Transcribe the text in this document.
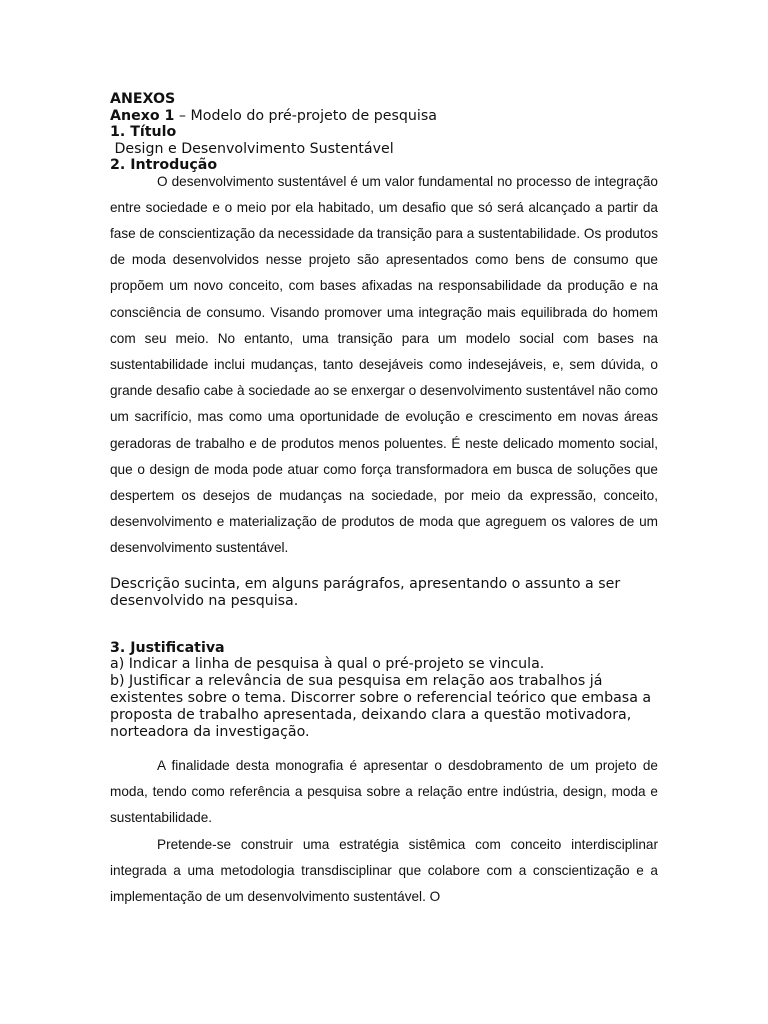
ANEXOS

Anexo 1 – Modelo do pré-projeto de pesquisa

1. Título

Design e Desenvolvimento Sustentável

2. Introdução

O desenvolvimento sustentável é um valor fundamental no processo de integração entre sociedade e o meio por ela habitado, um desafio que só será alcançado a partir da fase de conscientização da necessidade da transição para a sustentabilidade. Os produtos de moda desenvolvidos nesse projeto são apresentados como bens de consumo que propõem um novo conceito, com bases afixadas na responsabilidade da produção e na consciência de consumo. Visando promover uma integração mais equilibrada do homem com seu meio. No entanto, uma transição para um modelo social com bases na sustentabilidade inclui mudanças, tanto desejáveis como indesejáveis, e, sem dúvida, o grande desafio cabe à sociedade ao se enxergar o desenvolvimento sustentável não como um sacrifício, mas como uma oportunidade de evolução e crescimento em novas áreas geradoras de trabalho e de produtos menos poluentes. É neste delicado momento social, que o design de moda pode atuar como força transformadora em busca de soluções que despertem os desejos de mudanças na sociedade, por meio da expressão, conceito, desenvolvimento e materialização de produtos de moda que agreguem os valores de um desenvolvimento sustentável.

Descrição sucinta, em alguns parágrafos, apresentando o assunto a ser desenvolvido na pesquisa.

3. Justificativa

a) Indicar a linha de pesquisa à qual o pré-projeto se vincula.

b) Justificar a relevância de sua pesquisa em relação aos trabalhos já existentes sobre o tema. Discorrer sobre o referencial teórico que embasa a proposta de trabalho apresentada, deixando clara a questão motivadora, norteadora da investigação.

A finalidade desta monografia é apresentar o desdobramento de um projeto de moda, tendo como referência a pesquisa sobre a relação entre indústria, design, moda e sustentabilidade.

Pretende-se construir uma estratégia sistêmica com conceito interdisciplinar integrada a uma metodologia transdisciplinar que colabore com a conscientização e a implementação de um desenvolvimento sustentável. O
